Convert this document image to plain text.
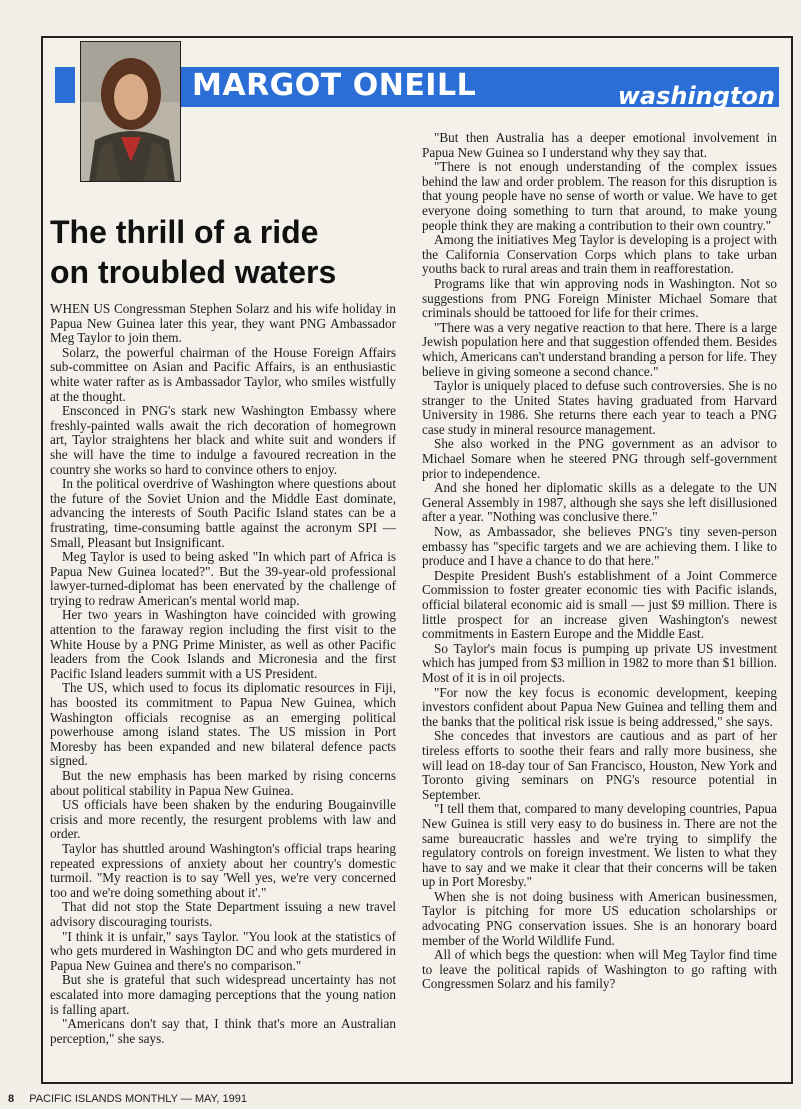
MARGOT ONEILL	washington
The thrill of a ride
on troubled waters

WHEN US Congressman Stephen Solarz and his wife holiday in Papua New Guinea later this year, they want PNG Ambassador Meg Taylor to join them.

Solarz, the powerful chairman of the House Foreign Affairs sub-committee on Asian and Pacific Affairs, is an enthusiastic white water rafter as is Ambassador Taylor, who smiles wistfully at the thought.

Ensconced in PNG's stark new Washington Embassy where freshly-painted walls await the rich decoration of homegrown art, Taylor straightens her black and white suit and wonders if she will have the time to indulge a favoured recreation in the country she works so hard to convince others to enjoy.

In the political overdrive of Washington where questions about the future of the Soviet Union and the Middle East dominate, advancing the interests of South Pacific Island states can be a frustrating, time-consuming battle against the acronym SPI — Small, Pleasant but Insignificant.

Meg Taylor is used to being asked "In which part of Africa is Papua New Guinea located?". But the 39-year-old professional lawyer-turned-diplomat has been enervated by the challenge of trying to redraw American's mental world map.

Her two years in Washington have coincided with growing attention to the faraway region including the first visit to the White House by a PNG Prime Minister, as well as other Pacific leaders from the Cook Islands and Micronesia and the first Pacific Island leaders summit with a US President.

The US, which used to focus its diplomatic resources in Fiji, has boosted its commitment to Papua New Guinea, which Washington officials recognise as an emerging political powerhouse among island states. The US mission in Port Moresby has been expanded and new bilateral defence pacts signed.

But the new emphasis has been marked by rising concerns about political stability in Papua New Guinea.

US officials have been shaken by the enduring Bougainville crisis and more recently, the resurgent problems with law and order.

Taylor has shuttled around Washington's official traps hearing repeated expressions of anxiety about her country's domestic turmoil. "My reaction is to say 'Well yes, we're very concerned too and we're doing something about it'."

That did not stop the State Department issuing a new travel advisory discouraging tourists.

"I think it is unfair," says Taylor. "You look at the statistics of who gets murdered in Washington DC and who gets murdered in Papua New Guinea and there's no comparison."

But she is grateful that such widespread uncertainty has not escalated into more damaging perceptions that the young nation is falling apart.

"Americans don't say that, I think that's more an Australian perception," she says.

"But then Australia has a deeper emotional involvement in Papua New Guinea so I understand why they say that.

"There is not enough understanding of the complex issues behind the law and order problem. The reason for this disruption is that young people have no sense of worth or value. We have to get everyone doing something to turn that around, to make young people think they are making a contribution to their own country."

Among the initiatives Meg Taylor is developing is a project with the California Conservation Corps which plans to take urban youths back to rural areas and train them in reafforestation.

Programs like that win approving nods in Washington. Not so suggestions from PNG Foreign Minister Michael Somare that criminals should be tattooed for life for their crimes.

"There was a very negative reaction to that here. There is a large Jewish population here and that suggestion offended them. Besides which, Americans can't understand branding a person for life. They believe in giving someone a second chance."

Taylor is uniquely placed to defuse such controversies. She is no stranger to the United States having graduated from Harvard University in 1986. She returns there each year to teach a PNG case study in mineral resource management.

She also worked in the PNG government as an advisor to Michael Somare when he steered PNG through self-government prior to independence.

And she honed her diplomatic skills as a delegate to the UN General Assembly in 1987, although she says she left disillusioned after a year. "Nothing was conclusive there."

Now, as Ambassador, she believes PNG's tiny seven-person embassy has "specific targets and we are achieving them. I like to produce and I have a chance to do that here."

Despite President Bush's establishment of a Joint Commerce Commission to foster greater economic ties with Pacific islands, official bilateral economic aid is small — just $9 million. There is little prospect for an increase given Washington's newest commitments in Eastern Europe and the Middle East.

So Taylor's main focus is pumping up private US investment which has jumped from $3 million in 1982 to more than $1 billion. Most of it is in oil projects.

"For now the key focus is economic development, keeping investors confident about Papua New Guinea and telling them and the banks that the political risk issue is being addressed," she says.

She concedes that investors are cautious and as part of her tireless efforts to soothe their fears and rally more business, she will lead on 18-day tour of San Francisco, Houston, New York and Toronto giving seminars on PNG's resource potential in September.

"I tell them that, compared to many developing countries, Papua New Guinea is still very easy to do business in. There are not the same bureaucratic hassles and we're trying to simplify the regulatory controls on foreign investment. We listen to what they have to say and we make it clear that their concerns will be taken up in Port Moresby."

When she is not doing business with American businessmen, Taylor is pitching for more US education scholarships or advocating PNG conservation issues. She is an honorary board member of the World Wildlife Fund.

All of which begs the question: when will Meg Taylor find time to leave the political rapids of Washington to go rafting with Congressmen Solarz and his family?

8 PACIFIC ISLANDS MONTHLY — MAY, 1991
